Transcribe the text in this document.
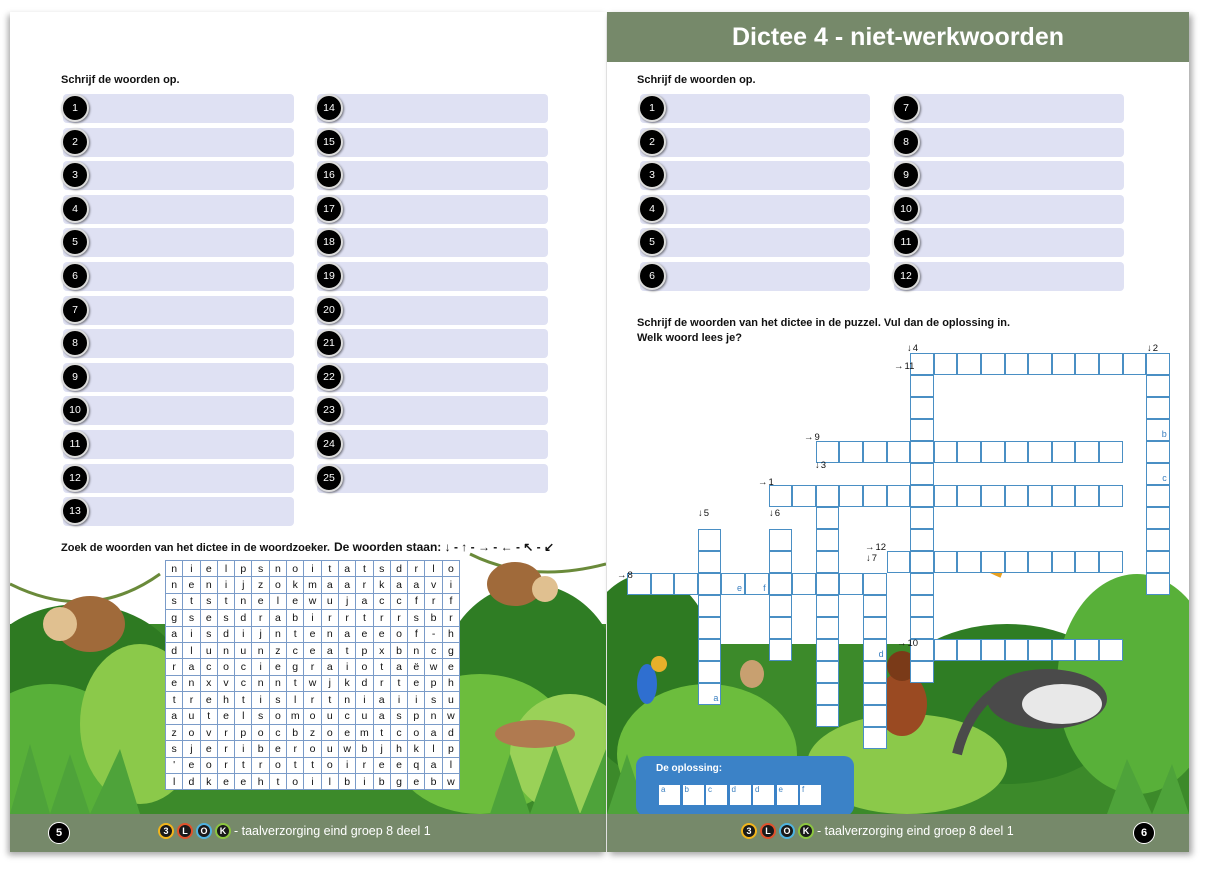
Schrijf de woorden op.
1
2
3
4
5
6
7
8
9
10
11
12
13
14
15
16
17
18
19
20
21
22
23
24
25
Zoek de woorden van het dictee in de woordzoeker. De woorden staan: ↓ - ↑ - → - ← - ↖ - ↙
n	i	e	l	p	s	n	o	i	t	a	t	s	d	r	l	o
n	e	n	i	j	z	o	k	m	a	a	r	k	a	a	v	i
s	t	s	t	n	e	l	e	w	u	j	a	c	c	f	r	f
g	s	e	s	d	r	a	b	i	r	r	t	r	r	s	b	r
a	i	s	d	i	j	n	t	e	n	a	e	e	o	f	-	h
d	l	u	n	u	n	z	c	e	a	t	p	x	b	n	c	g
r	a	c	o	c	i	e	g	r	a	i	o	t	a	ë	w	e
e	n	x	v	c	n	n	t	w	j	k	d	r	t	e	p	h
t	r	e	h	t	i	s	l	r	t	n	i	a	i	i	s	u
a	u	t	e	l	s	o	m	o	u	c	u	a	s	p	n	w
z	o	v	r	p	o	c	b	z	o	e	m	t	c	o	a	d
s	j	e	r	i	b	e	r	o	u	w	b	j	h	k	l	p
'	e	o	r	t	r	o	t	t	o	i	r	e	e	q	a	l
l	d	k	e	e	h	t	o	i	l	b	i	b	g	e	b	w
5	3	L	O	K - taalverzorging eind groep 8 deel 1
Dictee 4 - niet-werkwoorden
Schrijf de woorden op.
1
2
3
4
5
6
7
8
9
10
11
12
Schrijf de woorden van het dictee in de puzzel. Vul dan de oplossing in.
Welk woord lees je?
b
c
a
e f
d
↓ 4	↓ 2
→ 11
→ 9
↓ 3
→ 1
↓ 5	↓ 6
→ 12
↓ 7
→ 8
→ 10
De oplossing:
a b c d d e f
3	L	O	K - taalverzorging eind groep 8 deel 1	6
